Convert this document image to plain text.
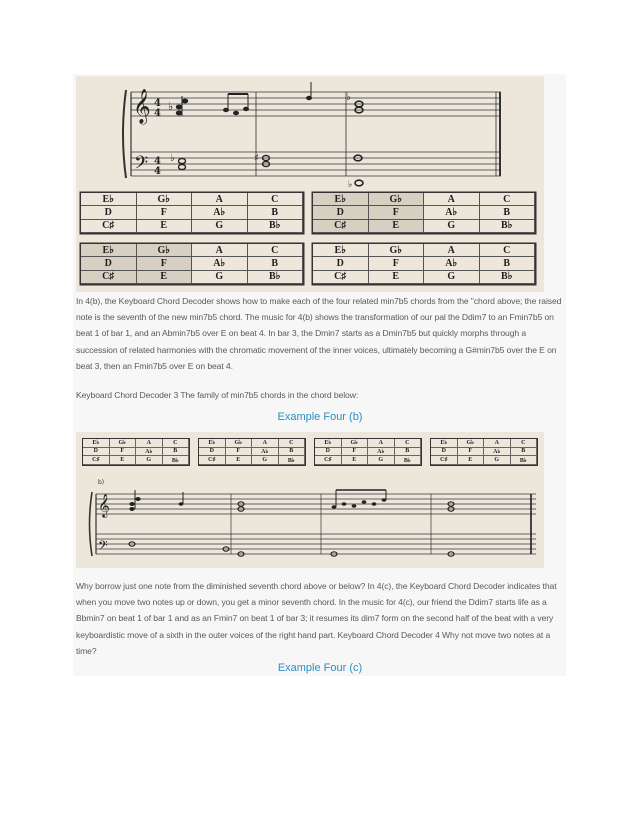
𝄞
𝄢
4
4
4
4
♭
♭
♭	♯
♭
E♭	G♭	A	C
D	F	A♭	B
C♯	E	G	B♭
E♭	G♭	A	C
D	F	A♭	B
C♯	E	G	B♭
E♭	G♭	A	C
D	F	A♭	B
C♯	E	G	B♭
E♭	G♭	A	C
D	F	A♭	B
C♯	E	G	B♭

In 4(b), the Keyboard Chord Decoder shows how to make each of the four related min7b5 chords from the "chord above; the raised note is the seventh of the new min7b5 chord. The music for 4(b) shows the transformation of our pal the Ddim7 to an Fmin7b5 on beat 1 of bar 1, and an Abmin7b5 over E on beat 4. In bar 3, the Dmin7 starts as a Dmin7b5 but quickly morphs through a succession of related harmonies with the chromatic movement of the inner voices, ultimately becoming a G#min7b5 over the E on beat 3, then an Fmin7b5 over E on beat 4.

Keyboard Chord Decoder 3 The family of min7b5 chords in the chord below:

Example Four (b)

E♭	G♭	A	C
D	F	A♭	B
C♯	E	G	B♭
E♭	G♭	A	C
D	F	A♭	B
C♯	E	G	B♭
E♭	G♭	A	C
D	F	A♭	B
C♯	E	G	B♭
E♭	G♭	A	C
D	F	A♭	B
C♯	E	G	B♭
b)
𝄞
𝄢

Why borrow just one note from the diminished seventh chord above or below? In 4(c), the Keyboard Chord Decoder indicates that when you move two notes up or down, you get a minor seventh chord. In the music for 4(c), our friend the Ddim7 starts life as a Bbmin7 on beat 1 of bar 1 and as an Fmin7 on beat 1 of bar 3; it resumes its dim7 form on the second half of the beat with a very keyboardistic move of a sixth in the outer voices of the right hand part. Keyboard Chord Decoder 4 Why not move two notes at a time?

Example Four (c)
